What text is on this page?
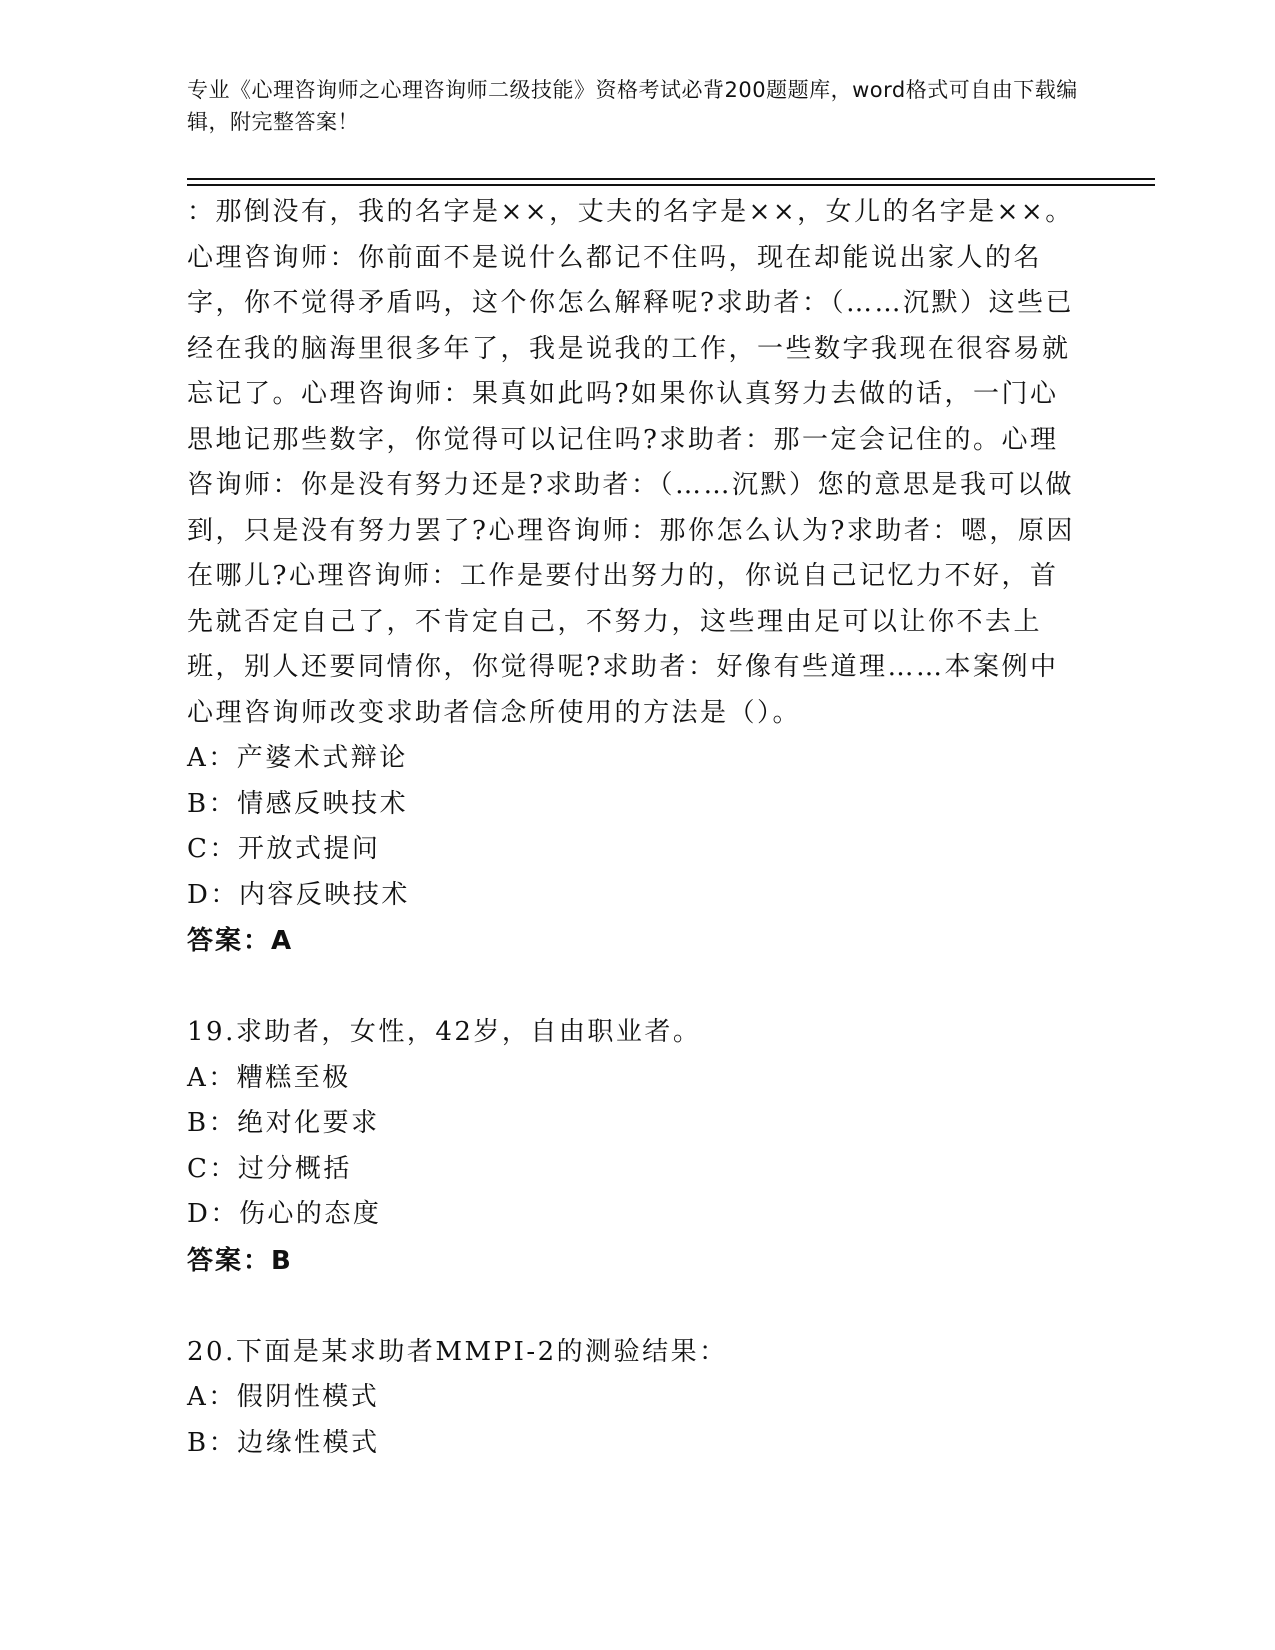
专业《心理咨询师之心理咨询师二级技能》资格考试必背200题题库，word格式可自由下载编辑，附完整答案！

：那倒没有，我的名字是××，丈夫的名字是××，女儿的名字是××。心理咨询师：你前面不是说什么都记不住吗，现在却能说出家人的名字，你不觉得矛盾吗，这个你怎么解释呢?求助者：（……沉默）这些已经在我的脑海里很多年了，我是说我的工作，一些数字我现在很容易就忘记了。心理咨询师：果真如此吗?如果你认真努力去做的话，一门心思地记那些数字，你觉得可以记住吗?求助者：那一定会记住的。心理咨询师：你是没有努力还是?求助者：（……沉默）您的意思是我可以做到，只是没有努力罢了?心理咨询师：那你怎么认为?求助者：嗯，原因在哪儿?心理咨询师：工作是要付出努力的，你说自己记忆力不好，首先就否定自己了，不肯定自己，不努力，这些理由足可以让你不去上班，别人还要同情你，你觉得呢?求助者：好像有些道理……本案例中心理咨询师改变求助者信念所使用的方法是（）。

A：产婆术式辩论

B：情感反映技术

C：开放式提问

D：内容反映技术

答案：A

19.求助者，女性，42岁，自由职业者。

A：糟糕至极

B：绝对化要求

C：过分概括

D：伤心的态度

答案：B

20.下面是某求助者MMPI-2的测验结果：

A：假阴性模式

B：边缘性模式
